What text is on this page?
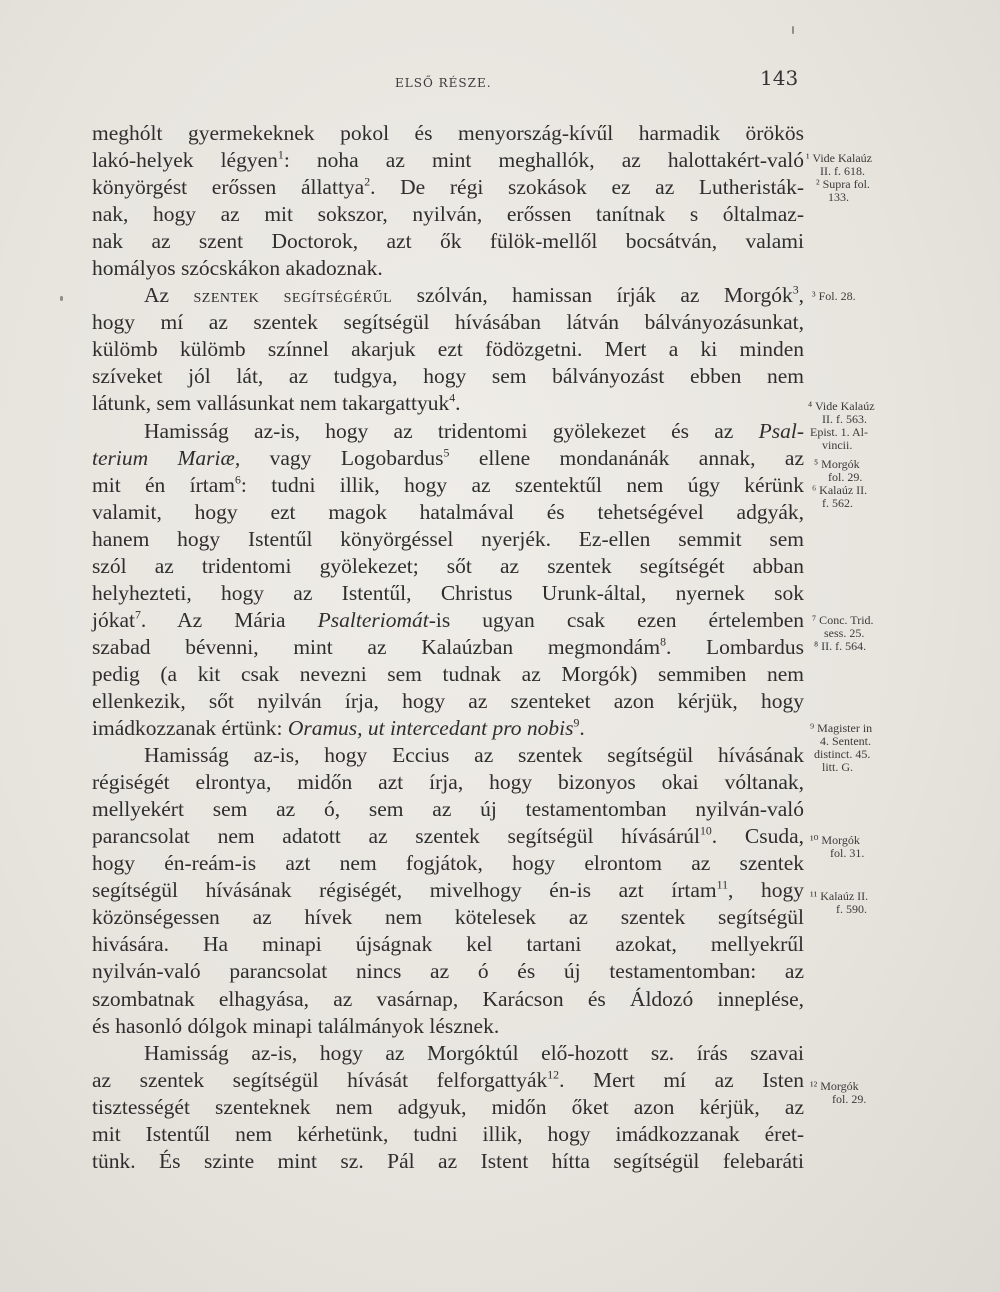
ELSŐ RÉSZE.	143
meghólt gyermekeknek pokol és menyország-kívűl harmadik örökös
lakó-helyek légyen$^1$: noha az mint meghallók, az halottakért-való
könyörgést erőssen állattya$^2$. De régi szokások ez az Lutheristák-
nak, hogy az mit sokszor, nyilván, erőssen tanítnak s óltalmaz-
nak az szent Doctorok, azt ők fülök-mellől bocsátván, valami
homályos szócskákon akadoznak.
Az szentek segítségérűl szólván, hamissan írják az Morgók$^3$,
hogy mí az szentek segítségül hívásában látván bálványozásunkat,
külömb külömb színnel akarjuk ezt födözgetni. Mert a ki minden
szíveket jól lát, az tudgya, hogy sem bálványozást ebben nem
látunk, sem vallásunkat nem takargattyuk$^4$.
Hamisság az-is, hogy az tridentomi gyölekezet és az Psal-
terium Mariæ, vagy Logobardus$^5$ ellene mondanánák annak, az
mit én írtam$^6$: tudni illik, hogy az szentektűl nem úgy kérünk
valamit, hogy ezt magok hatalmával és tehetségével adgyák,
hanem hogy Istentűl könyörgéssel nyerjék. Ez-ellen semmit sem
szól az tridentomi gyölekezet; sőt az szentek segítségét abban
helyhezteti, hogy az Istentűl, Christus Urunk-által, nyernek sok
jókat$^7$. Az Mária Psalteriomát-is ugyan csak ezen értelemben
szabad bévenni, mint az Kalaúzban megmondám$^8$. Lombardus
pedig (a kit csak nevezni sem tudnak az Morgók) semmiben nem
ellenkezik, sőt nyilván írja, hogy az szenteket azon kérjük, hogy
imádkozzanak értünk: Oramus, ut intercedant pro nobis$^9$.
Hamisság az-is, hogy Eccius az szentek segítségül hívásának
régiségét elrontya, midőn azt írja, hogy bizonyos okai vóltanak,
mellyekért sem az ó, sem az új testamentomban nyilván-való
parancsolat nem adatott az szentek segítségül hívásárúl$^{10}$. Csuda,
hogy én-reám-is azt nem fogjátok, hogy elrontom az szentek
segítségül hívásának régiségét, mivelhogy én-is azt írtam$^{11}$, hogy
közönségessen az hívek nem kötelesek az szentek segítségül
hivására. Ha minapi újságnak kel tartani azokat, mellyekrűl
nyilván-való parancsolat nincs az ó és új testamentomban: az
szombatnak elhagyása, az vasárnap, Karácson és Áldozó inneplése,
és hasonló dólgok minapi találmányok lésznek.
Hamisság az-is, hogy az Morgóktúl elő-hozott sz. írás szavai
az szentek segítségül hívását felforgattyák$^{12}$. Mert mí az Isten
tisztességét szenteknek nem adgyuk, midőn őket azon kérjük, az
mit Istentűl nem kérhetünk, tudni illik, hogy imádkozzanak éret-
tünk. És szinte mint sz. Pál az Istent hítta segítségül felebaráti
¹ Vide Kalaúz
II. f. 618.
² Supra fol.
133.
³ Fol. 28.
⁴ Vide Kalaúz
II. f. 563.
Epist. 1. Al-
vincii.
⁵ Morgók
fol. 29.
⁶ Kalaúz II.
f. 562.
⁷ Conc. Trid.
sess. 25.
⁸ II. f. 564.
⁹ Magister in
4. Sentent.
distinct. 45.
litt. G.
¹⁰ Morgók
fol. 31.
¹¹ Kalaúz II.
f. 590.
¹² Morgók
fol. 29.
